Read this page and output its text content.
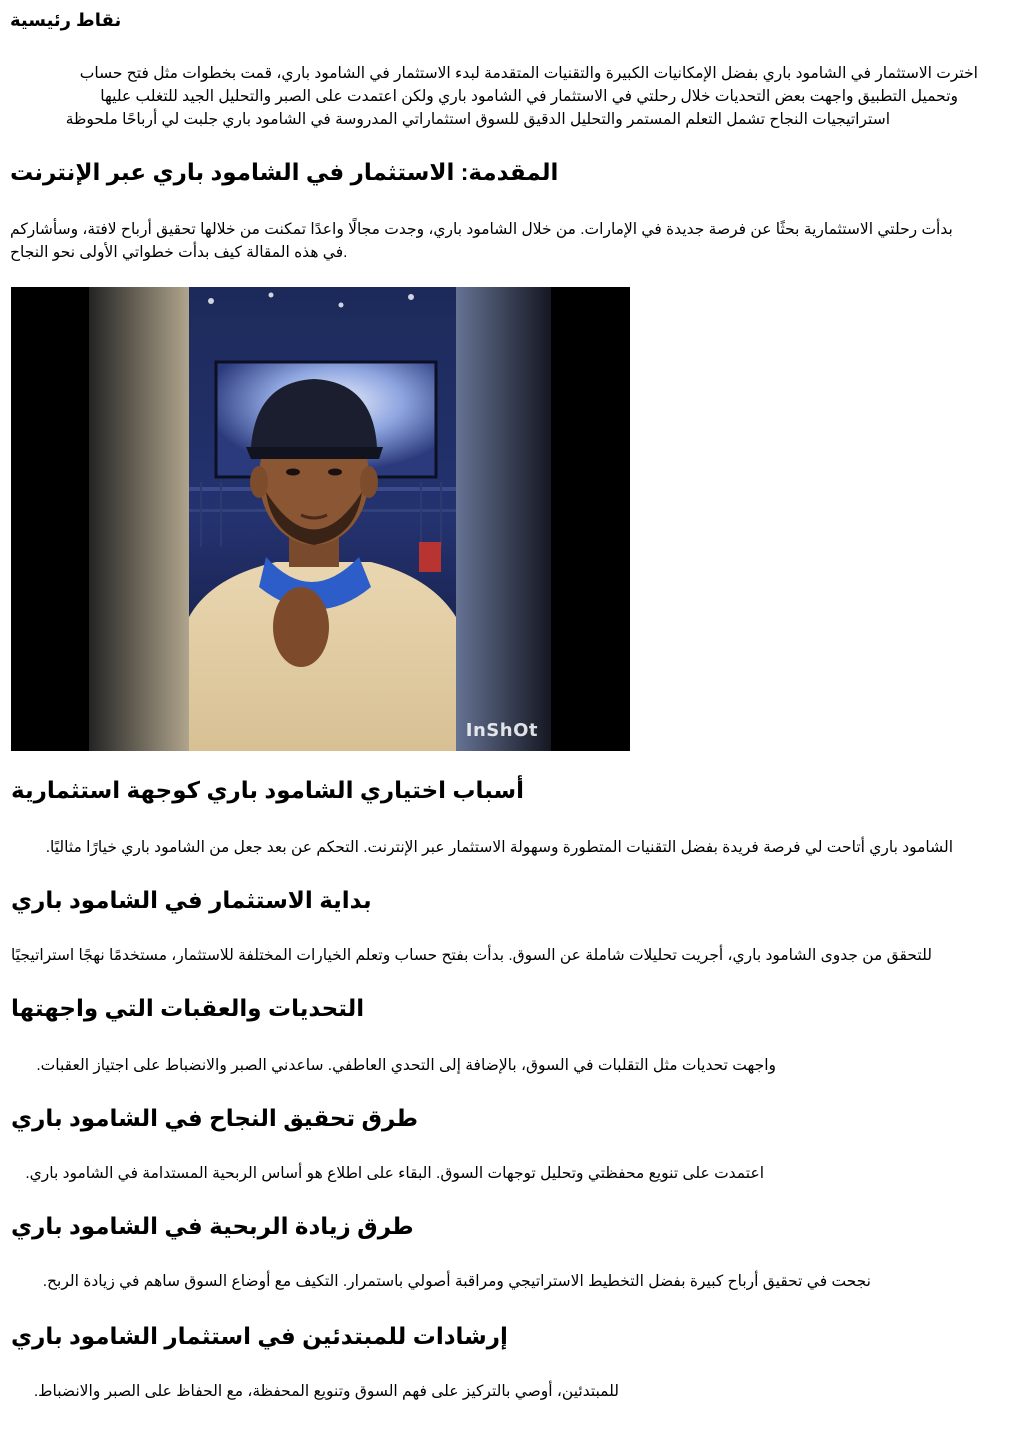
نقاط رئيسية
اخترت الاستثمار في الشامود باري بفضل الإمكانيات الكبيرة والتقنيات المتقدمة لبدء الاستثمار في الشامود باري، قمت بخطوات مثل فتح حساب
وتحميل التطبيق واجهت بعض التحديات خلال رحلتي في الاستثمار في الشامود باري ولكن اعتمدت على الصبر والتحليل الجيد للتغلب عليها
استراتيجيات النجاح تشمل التعلم المستمر والتحليل الدقيق للسوق استثماراتي المدروسة في الشامود باري جلبت لي أرباحًا ملحوظة
المقدمة: الاستثمار في الشامود باري عبر الإنترنت

بدأت رحلتي الاستثمارية بحثًا عن فرصة جديدة في الإمارات. من خلال الشامود باري، وجدت مجالًا واعدًا تمكنت من خلالها تحقيق أرباح لافتة، وسأشاركم

في هذه المقالة كيف بدأت خطواتي الأولى نحو النجاح.

InShOt
أسباب اختياري الشامود باري كوجهة استثمارية

الشامود باري أتاحت لي فرصة فريدة بفضل التقنيات المتطورة وسهولة الاستثمار عبر الإنترنت. التحكم عن بعد جعل من الشامود باري خيارًا مثاليًا.

بداية الاستثمار في الشامود باري

للتحقق من جدوى الشامود باري، أجريت تحليلات شاملة عن السوق. بدأت بفتح حساب وتعلم الخيارات المختلفة للاستثمار، مستخدمًا نهجًا استراتيجيًا

التحديات والعقبات التي واجهتها

واجهت تحديات مثل التقلبات في السوق، بالإضافة إلى التحدي العاطفي. ساعدني الصبر والانضباط على اجتياز العقبات.

طرق تحقيق النجاح في الشامود باري

اعتمدت على تنويع محفظتي وتحليل توجهات السوق. البقاء على اطلاع هو أساس الربحية المستدامة في الشامود باري.

طرق زيادة الربحية في الشامود باري

نجحت في تحقيق أرباح كبيرة بفضل التخطيط الاستراتيجي ومراقبة أصولي باستمرار. التكيف مع أوضاع السوق ساهم في زيادة الربح.

إرشادات للمبتدئين في استثمار الشامود باري

للمبتدئين، أوصي بالتركيز على فهم السوق وتنويع المحفظة، مع الحفاظ على الصبر والانضباط.
